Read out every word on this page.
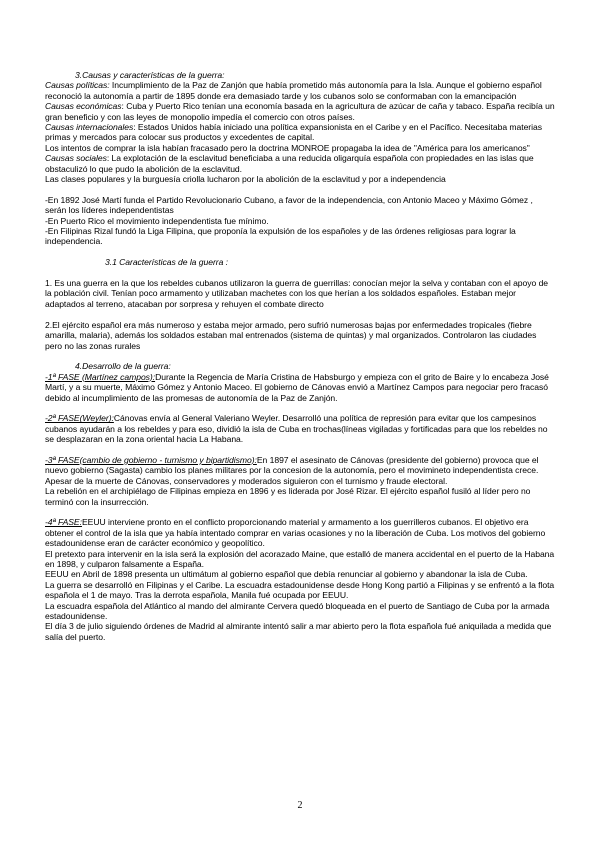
3.Causas y características de la guerra:

Causas políticas: Incumplimiento de la Paz de Zanjón que había prometido más autonomía para la Isla. Aunque el gobierno español reconoció la autonomía a partir de 1895 donde era demasiado tarde y los cubanos solo se conformaban con la emancipación

Causas económicas: Cuba y Puerto Rico tenían una economía basada en la agricultura de azúcar de caña y tabaco. España recibía un gran beneficio y con las leyes de monopolio impedía el comercio con otros países.

Causas internacionales: Estados Unidos había iniciado una política expansionista en el Caribe y en el Pacífico. Necesitaba materias primas y mercados para colocar sus productos y excedentes de capital.

Los intentos de comprar la isla habían fracasado pero la doctrina MONROE propagaba la idea de "América para los americanos"

Causas sociales: La explotación de la esclavitud beneficiaba a una reducida oligarquía española con propiedades en las islas que obstaculizó lo que pudo la abolición de la esclavitud.

Las clases populares y la burguesía criolla lucharon por la abolición de la esclavitud y por a independencia

-En 1892 José Martí funda el Partido Revolucionario Cubano, a favor de la independencia, con Antonio Maceo y Máximo Gómez , serán los líderes independentistas

-En Puerto Rico el movimiento independentista fue mínimo.

-En Filipinas Rizal fundó la Liga Filipina, que proponía la expulsión de los españoles y de las órdenes religiosas para lograr la independencia.

3.1 Características de la guerra :

1. Es una guerra en la que los rebeldes cubanos utilizaron la guerra de guerrillas: conocían mejor la selva y contaban con el apoyo de la población civil. Tenían poco armamento y utilizaban machetes con los que herían a los soldados españoles. Estaban mejor adaptados al terreno, atacaban por sorpresa y rehuyen el combate directo

2.El ejército español era más numeroso y estaba mejor armado, pero sufrió numerosas bajas por enfermedades tropicales (fiebre amarilla, malaria), además los soldados estaban mal entrenados (sistema de quintas) y mal organizados. Controlaron las ciudades pero no las zonas rurales

4.Desarrollo de la guerra:

-1ª FASE (Martínez campos):Durante la Regencia de María Cristina de Habsburgo y empieza con el grito de Baire y lo encabeza José Martí, y a su muerte, Máximo Gómez y Antonio Maceo. El gobierno de Cánovas envió a Martínez Campos para negociar pero fracasó debido al incumplimiento de las promesas de autonomía de la Paz de Zanjón.

-2ª FASE(Weyler):Cánovas envía al General Valeriano Weyler. Desarrolló una política de represión para evitar que los campesinos cubanos ayudarán a los rebeldes y para eso, dividió la isla de Cuba en trochas(líneas vigiladas y fortificadas para que los rebeldes no se desplazaran en la zona oriental hacia La Habana.

-3ª FASE(cambio de gobierno - turnismo y bipartidismo):En 1897 el asesinato de Cánovas (presidente del gobierno) provoca que el nuevo gobierno (Sagasta) cambio los planes militares por la concesion de la autonomía, pero el movimineto independentista crece.

Apesar de la muerte de Cánovas, conservadores y moderados siguieron con el turnismo y fraude electoral.

La rebelión en el archipiélago de Filipinas empieza en 1896 y es liderada por José Rizar. El ejército español fusiló al líder pero no terminó con la insurrección.

-4ª FASE:EEUU interviene pronto en el conflicto proporcionando material y armamento a los guerrilleros cubanos. El objetivo era obtener el control de la isla que ya había intentado comprar en varias ocasiones y no la liberación de Cuba. Los motivos del gobierno estadounidense eran de carácter económico y geopolítico.

El pretexto para intervenir en la isla será la explosión del acorazado Maine, que estalló de manera accidental en el puerto de la Habana en 1898, y culparon falsamente a España.

EEUU en Abril de 1898 presenta un ultimátum al gobierno español que debía renunciar al gobierno y abandonar la isla de Cuba.

La guerra se desarrolló en Filipinas y el Caribe. La escuadra estadounidense desde Hong Kong partió a Filipinas y se enfrentó a la flota española el 1 de mayo. Tras la derrota española, Manila fué ocupada por EEUU.

La escuadra española del Atlántico al mando del almirante Cervera quedó bloqueada en el puerto de Santiago de Cuba por la armada estadounidense.

El día 3 de julio siguiendo órdenes de Madrid al almirante intentó salir a mar abierto pero la flota española fué aniquilada a medida que salía del puerto.

2
